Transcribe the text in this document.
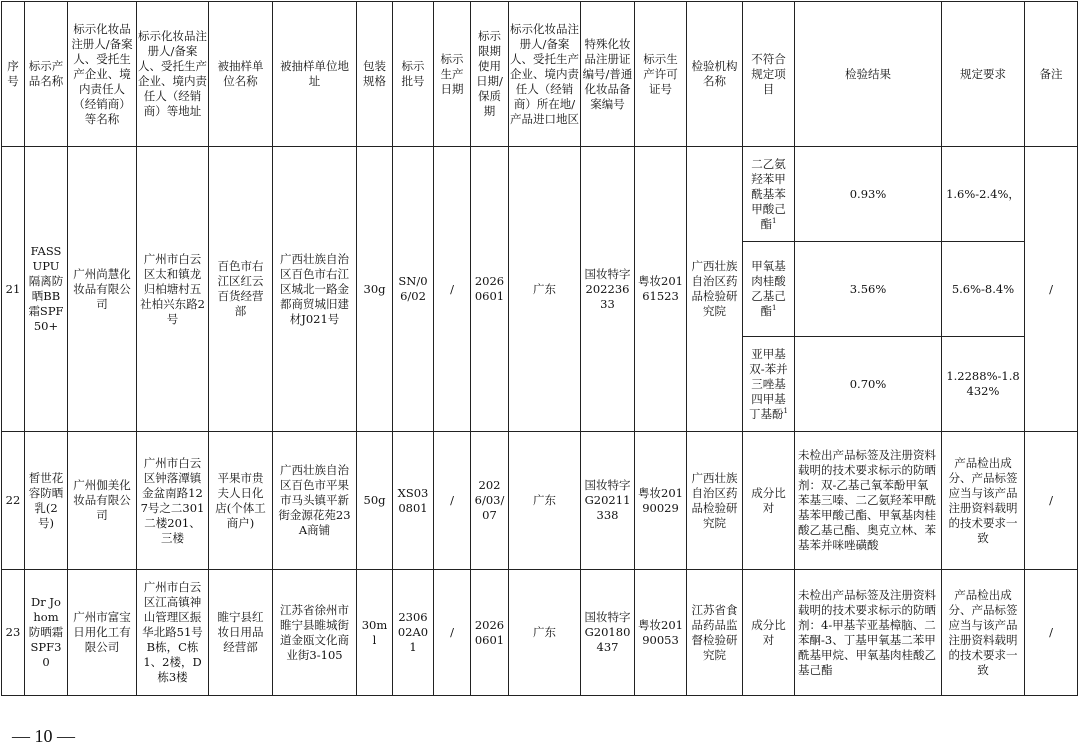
序号	标示产品名称	标示化妆品注册人/备案人、受托生产企业、境内责任人（经销商）等名称	标示化妆品注册人/备案人、受托生产企业、境内责任人（经销商）等地址	被抽样单位名称	被抽样单位地址	包装规格	标示批号	标示生产日期	标示限期使用日期/保质期	标示化妆品注册人/备案人、受托生产企业、境内责任人（经销商）所在地/产品进口地区	特殊化妆品注册证编号/普通化妆品备案编号	标示生产许可证号	检验机构名称	不符合规定项目	检验结果	规定要求	备注
21	FASS UPU隔离防晒BB霜SPF50+	广州尚慧化妆品有限公司	广州市白云区太和镇龙归柏塘村五社柏兴东路2号	百色市右江区红云百货经营部	广西壮族自治区百色市右江区城北一路金都商贸城旧建材J021号	30g	SN/06/02	/	20260601	广东	国妆特字20223633	粤妆20161523	广西壮族自治区药品检验研究院	二乙氨羟苯甲酰基苯甲酸己酯$^1$	0.93%	1.6%-2.4%，	/
														甲氧基肉桂酸乙基己酯$^1$	3.56%	5.6%-8.4%	
														亚甲基双-苯并三唑基四甲基丁基酚$^1$	0.70%	1.2288%-1.8432%	
22	皙世花容防晒乳(2号)	广州伽美化妆品有限公司	广州市白云区钟落潭镇金盆南路127号之二301二楼201、三楼	平果市贵夫人日化店(个体工商户)	广西壮族自治区百色市平果市马头镇平新街金源花苑23A商铺	50g	XS030801	/	2026/03/07	广东	国妆特字G20211338	粤妆20190029	广西壮族自治区药品检验研究院	成分比对	未检出产品标签及注册资料载明的技术要求标示的防晒剂：双-乙基己氧苯酚甲氧苯基三嗪、二乙氨羟苯甲酰基苯甲酸己酯、甲氧基肉桂酸乙基己酯、奥克立林、苯基苯并咪唑磺酸	产品检出成分、产品标签应当与该产品注册资料载明的技术要求一致	/
23	Dr Johom防晒霜SPF30	广州市富宝日用化工有限公司	广州市白云区江高镇神山管理区振华北路51号B栋，C栋1、2楼，D栋3楼	睢宁县红妆日用品经营部	江苏省徐州市睢宁县睢城街道金瓯文化商业街3-105	30ml	230602A01	/	20260601	广东	国妆特字G20180437	粤妆20190053	江苏省食品药品监督检验研究院	成分比对	未检出产品标签及注册资料载明的技术要求标示的防晒剂：4-甲基苄亚基樟脑、二苯酮-3、丁基甲氧基二苯甲酰基甲烷、甲氧基肉桂酸乙基己酯	产品检出成分、产品标签应当与该产品注册资料载明的技术要求一致	/
— 10 —
